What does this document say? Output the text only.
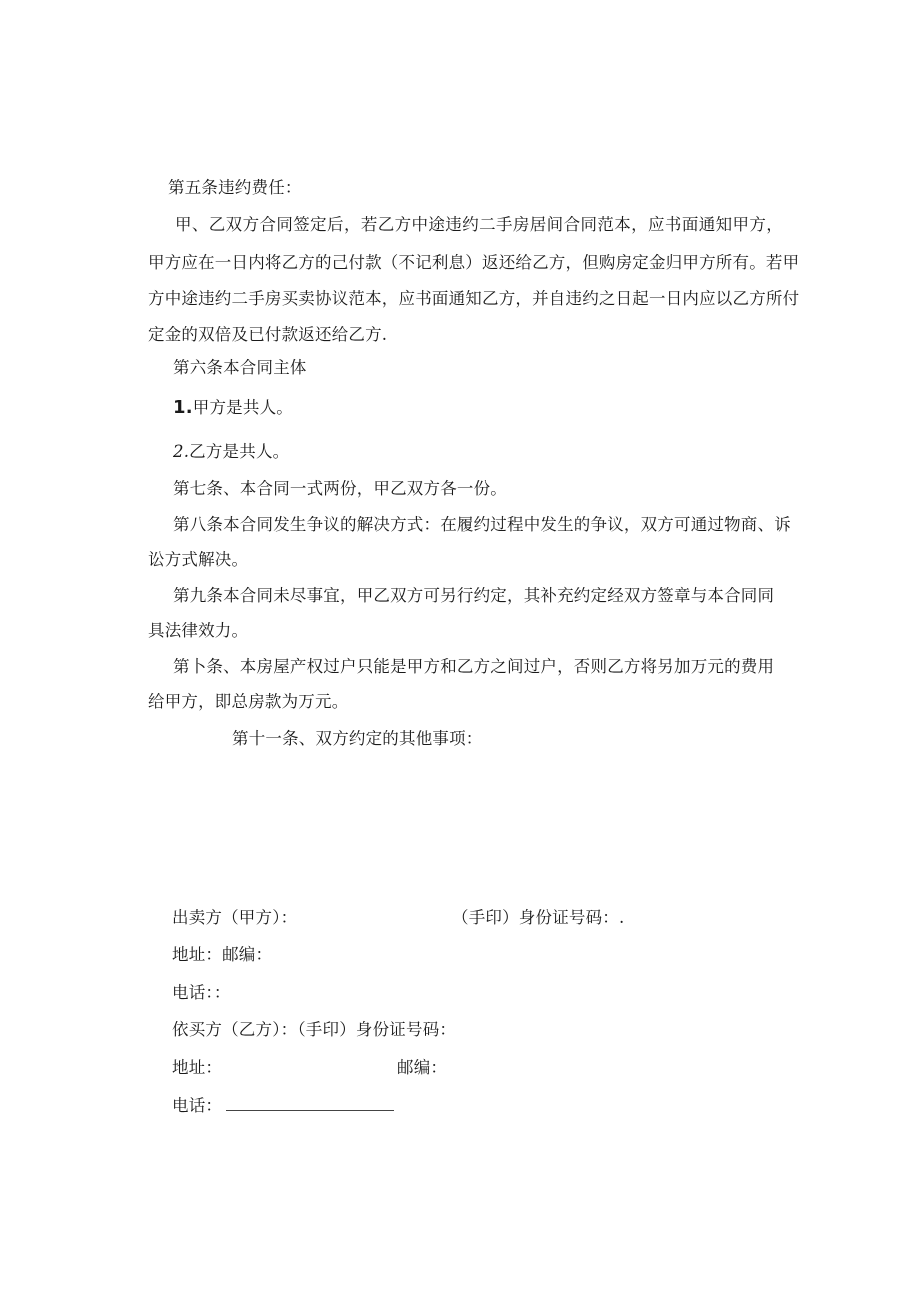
第五条违约费任：
甲、乙双方合同签定后，若乙方中途违约二手房居间合同范本，应书面通知甲方，
甲方应在一日内将乙方的己付款（不记利息）返还给乙方，但购房定金归甲方所有。若甲
方中途违约二手房买卖协议范本，应书面通知乙方，并自违约之日起一日内应以乙方所付
定金的双倍及已付款返还给乙方.
第六条本合同主体
1.甲方是共人。
2.乙方是共人。
第七条、本合同一式两份，甲乙双方各一份。
第八条本合同发生争议的解决方式：在履约过程中发生的争议，双方可通过物商、诉
讼方式解决。
第九条本合同未尽事宜，甲乙双方可另行约定，其补充约定经双方签章与本合同同
具法律效力。
第卜条、本房屋产权过户只能是甲方和乙方之间过户，否则乙方将另加万元的费用
给甲方，即总房款为万元。
第十一条、双方约定的其他事项：
出卖方（甲方）：	（手印）身份证号码：.
地址：邮编：
电话：：
依买方（乙方）：（手印）身份证号码：
地址：	邮编：
电话：
